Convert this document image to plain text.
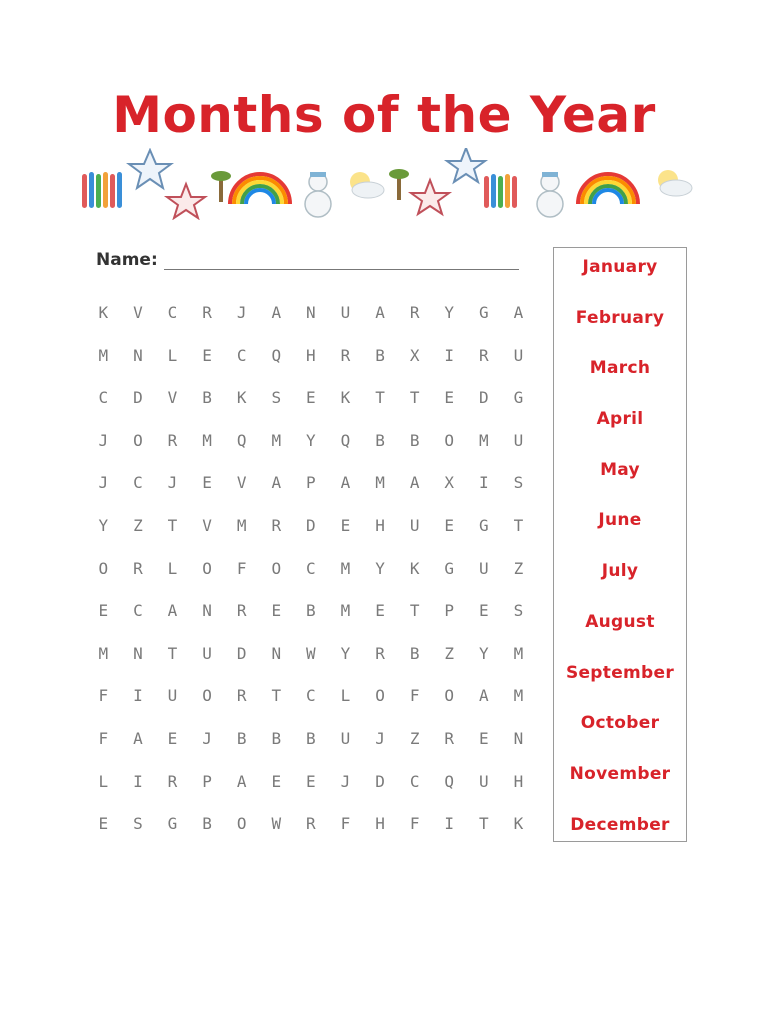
Months of the Year
Name:
K	V	C	R	J	A	N	U	A	R	Y	G	A
M	N	L	E	C	Q	H	R	B	X	I	R	U
C	D	V	B	K	S	E	K	T	T	E	D	G
J	O	R	M	Q	M	Y	Q	B	B	O	M	U
J	C	J	E	V	A	P	A	M	A	X	I	S
Y	Z	T	V	M	R	D	E	H	U	E	G	T
O	R	L	O	F	O	C	M	Y	K	G	U	Z
E	C	A	N	R	E	B	M	E	T	P	E	S
M	N	T	U	D	N	W	Y	R	B	Z	Y	M
F	I	U	O	R	T	C	L	O	F	O	A	M
F	A	E	J	B	B	B	U	J	Z	R	E	N
L	I	R	P	A	E	E	J	D	C	Q	U	H
E	S	G	B	O	W	R	F	H	F	I	T	K
January
February
March
April
May
June
July
August
September
October
November
December
